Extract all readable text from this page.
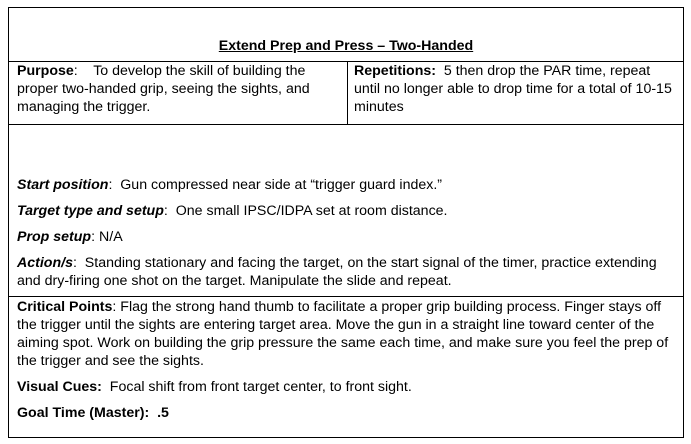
Extend Prep and Press – Two-Handed

Purpose:    To develop the skill of building the proper two-handed grip, seeing the sights, and managing the trigger.

Repetitions: 5 then drop the PAR time, repeat until no longer able to drop time for a total of 10-15 minutes

Start position:  Gun compressed near side at “trigger guard index.”

Target type and setup:  One small IPSC/IDPA set at room distance.

Prop setup: N/A

Action/s:  Standing stationary and facing the target, on the start signal of the timer, practice extending and dry-firing one shot on the target. Manipulate the slide and repeat.

Critical Points: Flag the strong hand thumb to facilitate a proper grip building process. Finger stays off the trigger until the sights are entering target area. Move the gun in a straight line toward center of the aiming spot. Work on building the grip pressure the same each time, and make sure you feel the prep of the trigger and see the sights.

Visual Cues: Focal shift from front target center, to front sight.

Goal Time (Master): .5
